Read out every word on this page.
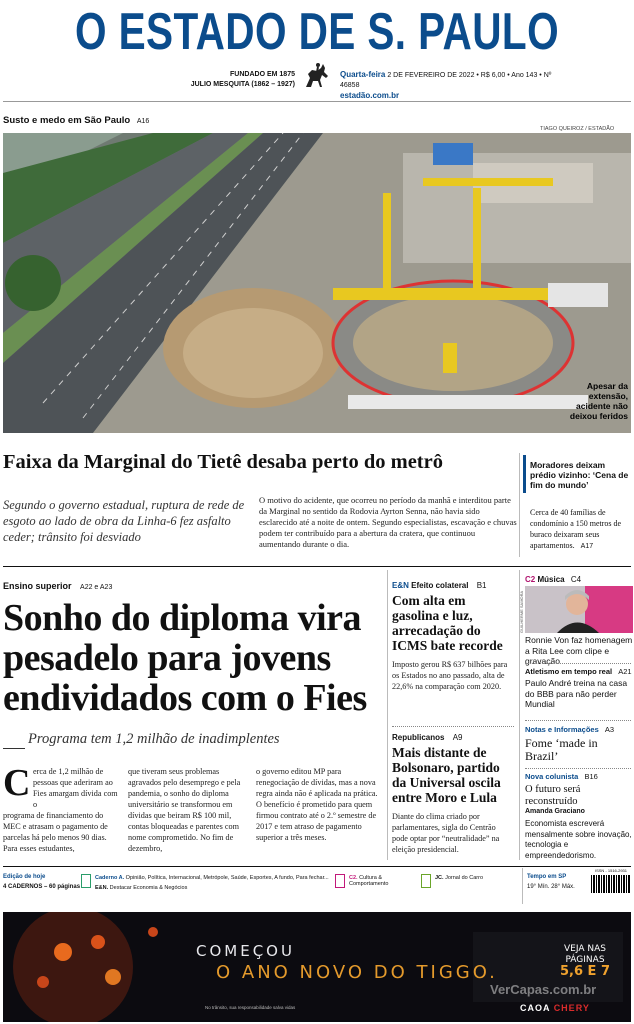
O ESTADO DE S. PAULO
FUNDADO EM 1875
JULIO MESQUITA (1862 – 1927)
Quarta-feira 2 DE FEVEREIRO DE 2022 • R$ 6,00 • Ano 143 • Nº 46858
estadão.com.br
Susto e medo em São Paulo A16
TIAGO QUEIROZ / ESTADÃO
Apesar da extensão, acidente não deixou feridos
Faixa da Marginal do Tietê desaba perto do metrô
Segundo o governo estadual, ruptura de rede de esgoto ao lado de obra da Linha-6 fez asfalto ceder; trânsito foi desviado
O motivo do acidente, que ocorreu no período da manhã e interditou parte da Marginal no sentido da Rodovia Ayrton Senna, não havia sido esclarecido até a noite de ontem. Segundo especialistas, escavação e chuvas podem ter contribuído para a abertura da cratera, que continuou aumentando durante o dia.
Moradores deixam prédio vizinho: ‘Cena de fim do mundo’
Cerca de 40 famílias de condomínio a 150 metros de buraco deixaram seus apartamentos. A17
Ensino superior A22 e A23
Sonho do diploma vira pesadelo para jovens endividados com o Fies
Programa tem 1,2 milhão de inadimplentes
C erca de 1,2 milhão de pessoas que aderiram ao Fies amargam dívida com o
programa de financiamento do MEC e atrasam o pagamento de parcelas há pelo menos 90 dias. Para esses estudantes,
que tiveram seus problemas agravados pelo desemprego e pela pandemia, o sonho do diploma universitário se transformou em dívidas que beiram R$ 100 mil, contas bloqueadas e parentes com nome comprometido. No fim de dezembro,
o governo editou MP para renegociação de dívidas, mas a nova regra ainda não é aplicada na prática. O benefício é prometido para quem firmou contrato até o 2.º semestre de 2017 e tem atraso de pagamento superior a três meses.
E&N Efeito colateral B1
Com alta em gasolina e luz, arrecadação do ICMS bate recorde
Imposto gerou R$ 637 bilhões para os Estados no ano passado, alta de 22,6% na comparação com 2020.
Republicanos A9
Mais distante de Bolsonaro, partido da Universal oscila entre Moro e Lula
Diante do clima criado por parlamentares, sigla do Centrão pode optar por “neutralidade” na eleição presidencial.
C2 Música C4
GUILHERME SAMORA
Ronnie Von faz homenagem a Rita Lee com clipe e gravação
Atletismo em tempo real A21
Paulo André treina na casa do BBB para não perder Mundial
Notas e Informações A3
Fome ‘made in Brazil’
Nova colunista B16
O futuro será reconstruído
Amanda Graciano
Economista escreverá mensalmente sobre inovação, tecnologia e empreendedorismo.
Edição de hoje
4 CADERNOS – 60 páginas
Caderno A. Opinião, Política, Internacional, Metrópole, Saúde, Esportes, A fundo, Para fechar...
E&N. Destacar Economia & Negócios
C2. Cultura & Comportamento
JC. Jornal do Carro	Tempo em SP
19° Mín. 28° Máx.
ISSN - 1516-2931
COMEÇOU
O ANO NOVO DO TIGGO.
VEJA NAS PÁGINAS
5,6 E 7
VerCapas.com.br
CAOA CHERY
No trânsito, sua responsabilidade salva vidas
